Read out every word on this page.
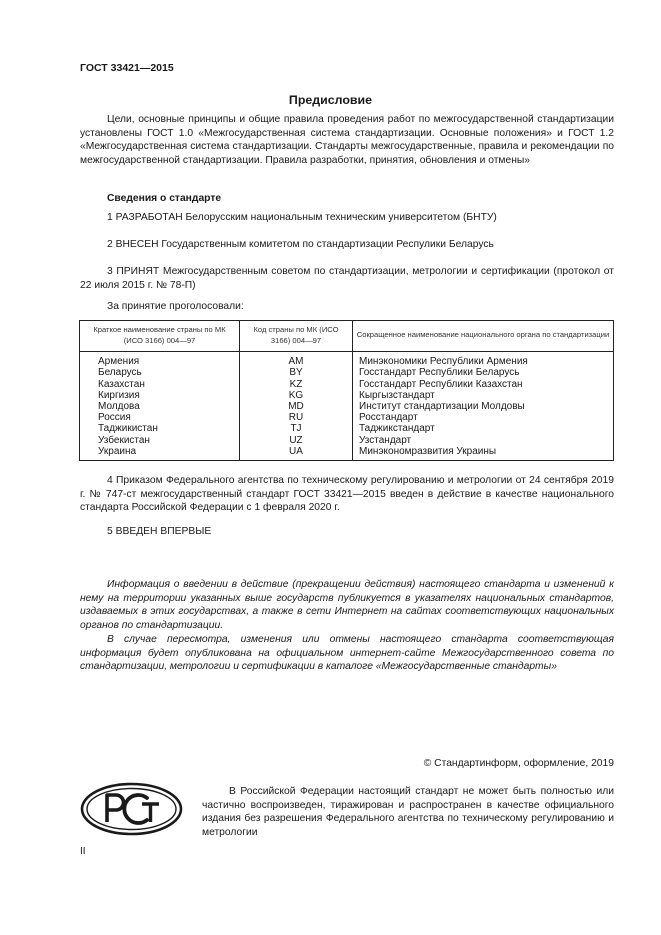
ГОСТ 33421—2015
Предисловие
Цели, основные принципы и общие правила проведения работ по межгосударственной стандартизации установлены ГОСТ 1.0 «Межгосударственная система стандартизации. Основные положения» и ГОСТ 1.2 «Межгосударственная система стандартизации. Стандарты межгосударственные, правила и рекомендации по межгосударственной стандартизации. Правила разработки, принятия, обновления и отмены»
Сведения о стандарте
1 РАЗРАБОТАН Белорусским национальным техническим университетом (БНТУ)
2 ВНЕСЕН Государственным комитетом по стандартизации Респулики Беларусь
3 ПРИНЯТ Межгосударственным советом по стандартизации, метрологии и сертификации (протокол от 22 июля 2015 г. № 78-П)
За принятие проголосовали:
Краткое наименование страны по МК (ИСО 3166) 004—97	Код страны по МК (ИСО 3166) 004—97	Сокращенное наименование национального органа по стандартизации
Армения	AM	Минэкономики Республики Армения
Беларусь	BY	Госстандарт Республики Беларусь
Казахстан	KZ	Госстандарт Республики Казахстан
Киргизия	KG	Кыргызстандарт
Молдова	MD	Институт стандартизации Молдовы
Россия	RU	Росстандарт
Таджикистан	TJ	Таджикстандарт
Узбекистан	UZ	Узстандарт
Украина	UA	Минэкономразвития Украины
4 Приказом Федерального агентства по техническому регулированию и метрологии от 24 сентября 2019 г. № 747-ст межгосударственный стандарт ГОСТ 33421—2015 введен в действие в качестве национального стандарта Российской Федерации с 1 февраля 2020 г.
5 ВВЕДЕН ВПЕРВЫЕ
Информация о введении в действие (прекращении действия) настоящего стандарта и изменений к нему на территории указанных выше государств публикуется в указателях национальных стандартов, издаваемых в этих государствах, а также в сети Интернет на сайтах соответствующих национальных органов по стандартизации.
В случае пересмотра, изменения или отмены настоящего стандарта соответствующая информация будет опубликована на официальном интернет-сайте Межгосударственного совета по стандартизации, метрологии и сертификации в каталоге «Межгосударственные стандарты»
© Стандартинформ, оформление, 2019
В Российской Федерации настоящий стандарт не может быть полностью или частично воспроизведен, тиражирован и распространен в качестве официального издания без разрешения Федерального агентства по техническому регулированию и метрологии
II
